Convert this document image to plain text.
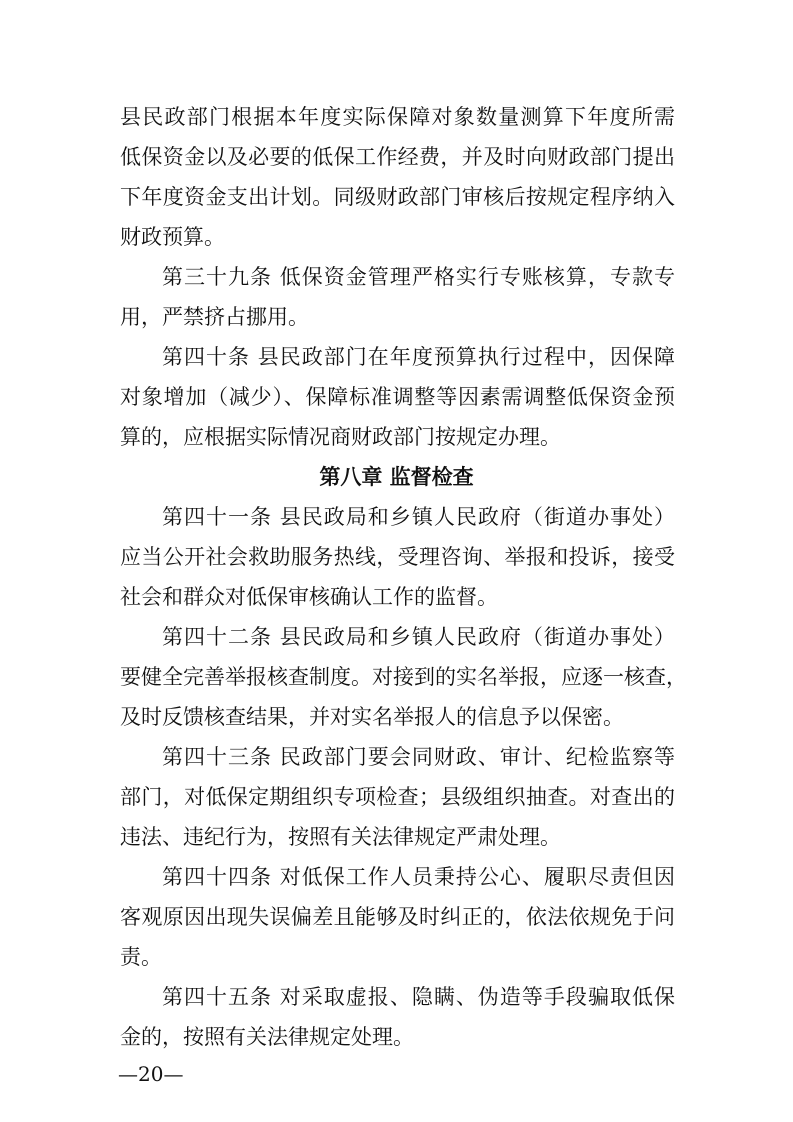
县民政部门根据本年度实际保障对象数量测算下年度所需
低保资金以及必要的低保工作经费，并及时向财政部门提出
下年度资金支出计划。同级财政部门审核后按规定程序纳入
财政预算。
第三十九条 低保资金管理严格实行专账核算，专款专
用，严禁挤占挪用。
第四十条 县民政部门在年度预算执行过程中，因保障
对象增加（减少）、保障标准调整等因素需调整低保资金预
算的，应根据实际情况商财政部门按规定办理。
第八章 监督检查
第四十一条 县民政局和乡镇人民政府（街道办事处）
应当公开社会救助服务热线，受理咨询、举报和投诉，接受
社会和群众对低保审核确认工作的监督。
第四十二条 县民政局和乡镇人民政府（街道办事处）
要健全完善举报核查制度。对接到的实名举报，应逐一核查，
及时反馈核查结果，并对实名举报人的信息予以保密。
第四十三条 民政部门要会同财政、审计、纪检监察等
部门，对低保定期组织专项检查；县级组织抽查。对查出的
违法、违纪行为，按照有关法律规定严肃处理。
第四十四条 对低保工作人员秉持公心、履职尽责但因
客观原因出现失误偏差且能够及时纠正的，依法依规免于问
责。
第四十五条 对采取虚报、隐瞒、伪造等手段骗取低保
金的，按照有关法律规定处理。
—20—
